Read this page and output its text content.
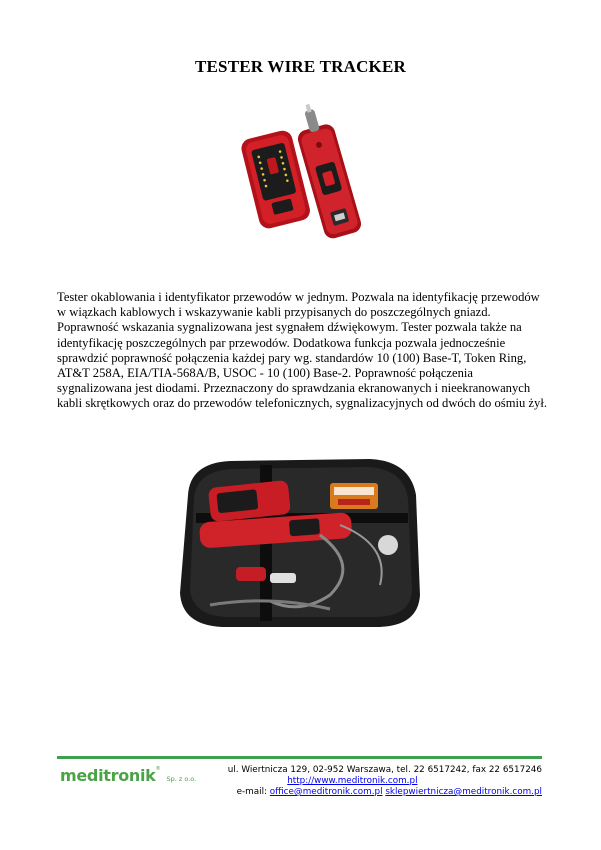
TESTER WIRE TRACKER
Tester okablowania i identyfikator przewodów w jednym. Pozwala na identyfikację przewodów w wiązkach kablowych i wskazywanie kabli przypisanych do poszczególnych gniazd. Poprawność wskazania sygnalizowana jest sygnałem dźwiękowym. Tester pozwala także na identyfikację poszczególnych par przewodów. Dodatkowa funkcja pozwala jednocześnie sprawdzić poprawność połączenia każdej pary wg. standardów 10 (100) Base-T, Token Ring, AT&T 258A, EIA/TIA-568A/B, USOC - 10 (100) Base-2. Poprawność połączenia sygnalizowana jest diodami. Przeznaczony do sprawdzania ekranowanych i nieekranowanych kabli skrętkowych oraz do przewodów telefonicznych, sygnalizacyjnych od dwóch do ośmiu żył.
meditronik®Sp. z o.o.
ul. Wiertnicza 129, 02-952 Warszawa, tel. 22 6517242, fax 22 6517246
http://www.meditronik.com.pl
e-mail: office@meditronik.com.pl sklepwiertnicza@meditronik.com.pl
